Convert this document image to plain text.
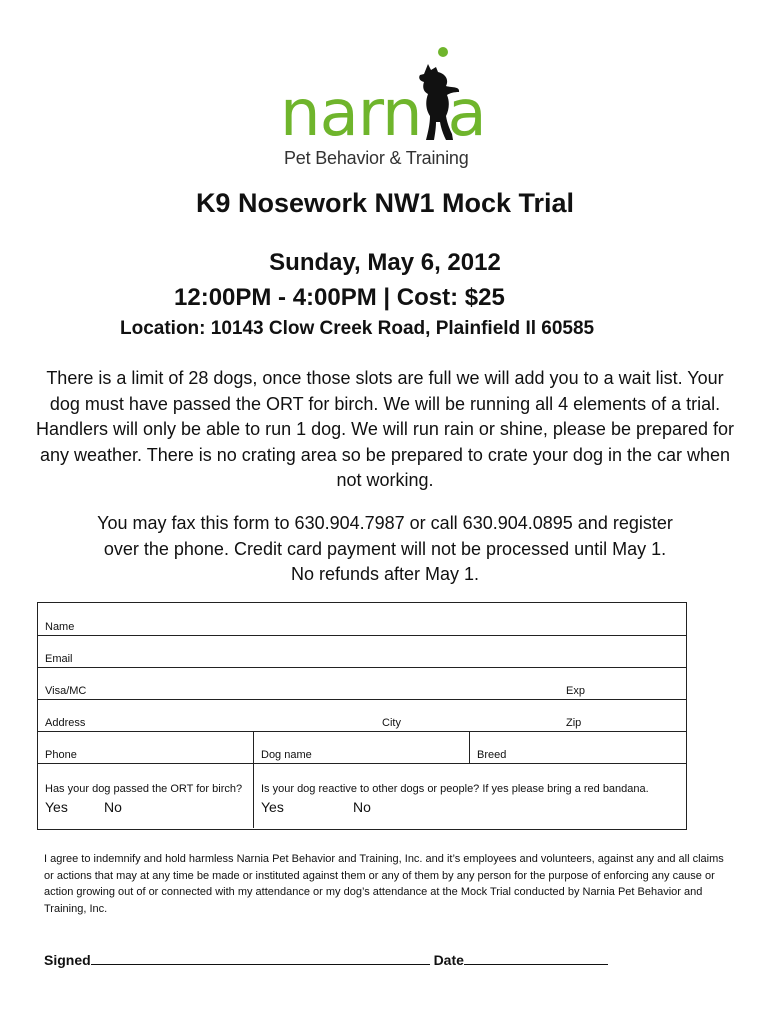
narn a
Pet Behavior & Training
K9 Nosework NW1 Mock Trial
Sunday, May 6, 2012
12:00PM - 4:00PM | Cost: $25
Location: 10143 Clow Creek Road, Plainfield Il 60585
There is a limit of 28 dogs, once those slots are full we will add you to a wait list. Your dog must have passed the ORT for birch. We will be running all 4 elements of a trial. Handlers will only be able to run 1 dog. We will run rain or shine, please be prepared for any weather. There is no crating area so be prepared to crate your dog in the car when not working.
You may fax this form to 630.904.7987 or call 630.904.0895 and register
over the phone. Credit card payment will not be processed until May 1.
No refunds after May 1.
Name
Email
Visa/MC	Exp
Address	City	Zip
Phone	Dog name	Breed
Has your dog passed the ORT for birch?
Yes	No
Is your dog reactive to other dogs or people? If yes please bring a red bandana.
Yes	No
I agree to indemnify and hold harmless Narnia Pet Behavior and Training, Inc. and it’s employees and volunteers, against any and all claims or actions that may at any time be made or instituted against them or any of them by any person for the purpose of enforcing any cause or action growing out of or connected with my attendance or my dog’s attendance at the Mock Trial conducted by Narnia Pet Behavior and Training, Inc.
Signed	Date
